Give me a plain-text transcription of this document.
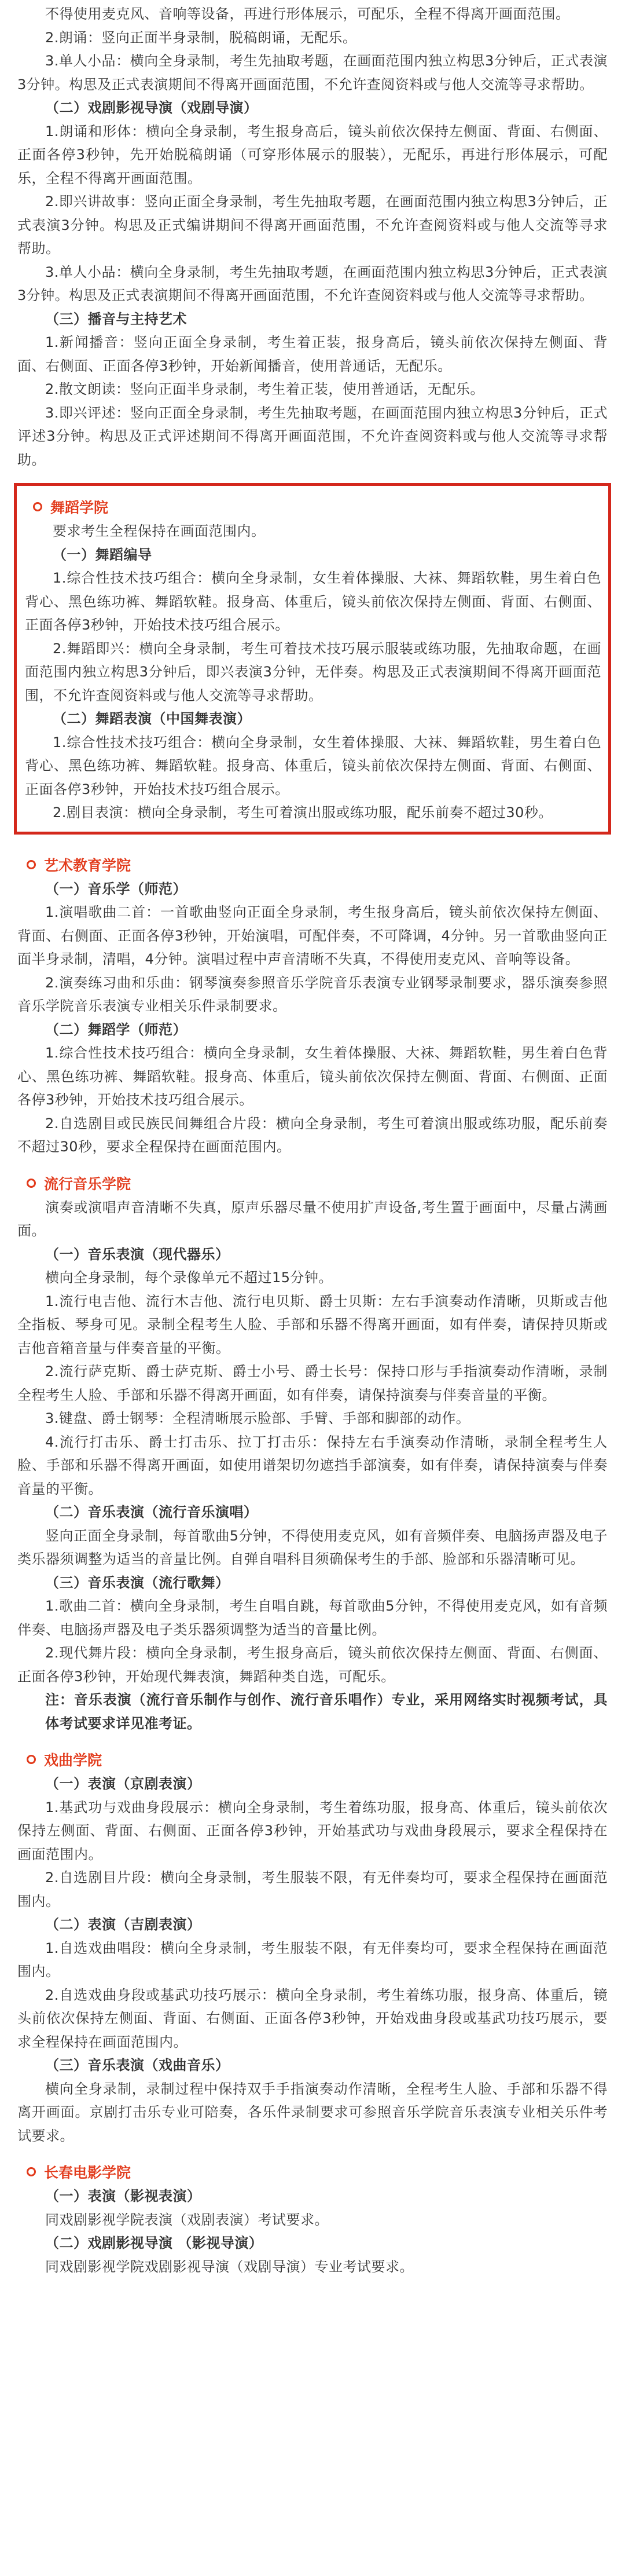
不得使用麦克风、音响等设备，再进行形体展示，可配乐，全程不得离开画面范围。

2.朗诵：竖向正面半身录制，脱稿朗诵，无配乐。

3.单人小品：横向全身录制，考生先抽取考题，在画面范围内独立构思3分钟后，正式表演3分钟。构思及正式表演期间不得离开画面范围，不允许查阅资料或与他人交流等寻求帮助。

（二）戏剧影视导演（戏剧导演）

1.朗诵和形体：横向全身录制，考生报身高后，镜头前依次保持左侧面、背面、右侧面、正面各停3秒钟，先开始脱稿朗诵（可穿形体展示的服装），无配乐，再进行形体展示，可配乐，全程不得离开画面范围。

2.即兴讲故事：竖向正面全身录制，考生先抽取考题，在画面范围内独立构思3分钟后，正式表演3分钟。构思及正式编讲期间不得离开画面范围，不允许查阅资料或与他人交流等寻求帮助。

3.单人小品：横向全身录制，考生先抽取考题，在画面范围内独立构思3分钟后，正式表演3分钟。构思及正式表演期间不得离开画面范围，不允许查阅资料或与他人交流等寻求帮助。

（三）播音与主持艺术

1.新闻播音：竖向正面全身录制，考生着正装，报身高后，镜头前依次保持左侧面、背面、右侧面、正面各停3秒钟，开始新闻播音，使用普通话，无配乐。

2.散文朗读：竖向正面半身录制，考生着正装，使用普通话，无配乐。

3.即兴评述：竖向正面全身录制，考生先抽取考题，在画面范围内独立构思3分钟后，正式评述3分钟。构思及正式评述期间不得离开画面范围，不允许查阅资料或与他人交流等寻求帮助。

舞蹈学院

要求考生全程保持在画面范围内。

（一）舞蹈编导

1.综合性技术技巧组合：横向全身录制，女生着体操服、大袜、舞蹈软鞋，男生着白色背心、黑色练功裤、舞蹈软鞋。报身高、体重后，镜头前依次保持左侧面、背面、右侧面、正面各停3秒钟，开始技术技巧组合展示。

2.舞蹈即兴：横向全身录制，考生可着技术技巧展示服装或练功服，先抽取命题，在画面范围内独立构思3分钟后，即兴表演3分钟，无伴奏。构思及正式表演期间不得离开画面范围，不允许查阅资料或与他人交流等寻求帮助。

（二）舞蹈表演（中国舞表演）

1.综合性技术技巧组合：横向全身录制，女生着体操服、大袜、舞蹈软鞋，男生着白色背心、黑色练功裤、舞蹈软鞋。报身高、体重后，镜头前依次保持左侧面、背面、右侧面、正面各停3秒钟，开始技术技巧组合展示。

2.剧目表演：横向全身录制，考生可着演出服或练功服，配乐前奏不超过30秒。

艺术教育学院

（一）音乐学（师范）

1.演唱歌曲二首：一首歌曲竖向正面全身录制，考生报身高后，镜头前依次保持左侧面、背面、右侧面、正面各停3秒钟，开始演唱，可配伴奏，不可降调，4分钟。另一首歌曲竖向正面半身录制，清唱，4分钟。演唱过程中声音清晰不失真，不得使用麦克风、音响等设备。

2.演奏练习曲和乐曲：钢琴演奏参照音乐学院音乐表演专业钢琴录制要求，器乐演奏参照音乐学院音乐表演专业相关乐件录制要求。

（二）舞蹈学（师范）

1.综合性技术技巧组合：横向全身录制，女生着体操服、大袜、舞蹈软鞋，男生着白色背心、黑色练功裤、舞蹈软鞋。报身高、体重后，镜头前依次保持左侧面、背面、右侧面、正面各停3秒钟，开始技术技巧组合展示。

2.自选剧目或民族民间舞组合片段：横向全身录制，考生可着演出服或练功服，配乐前奏不超过30秒，要求全程保持在画面范围内。

流行音乐学院

演奏或演唱声音清晰不失真，原声乐器尽量不使用扩声设备,考生置于画面中，尽量占满画面。

（一）音乐表演（现代器乐）

横向全身录制，每个录像单元不超过15分钟。

1.流行电吉他、流行木吉他、流行电贝斯、爵士贝斯：左右手演奏动作清晰，贝斯或吉他全指板、琴身可见。录制全程考生人脸、手部和乐器不得离开画面，如有伴奏，请保持贝斯或吉他音箱音量与伴奏音量的平衡。

2.流行萨克斯、爵士萨克斯、爵士小号、爵士长号：保持口形与手指演奏动作清晰，录制全程考生人脸、手部和乐器不得离开画面，如有伴奏，请保持演奏与伴奏音量的平衡。

3.键盘、爵士钢琴：全程清晰展示脸部、手臂、手部和脚部的动作。

4.流行打击乐、爵士打击乐、拉丁打击乐：保持左右手演奏动作清晰，录制全程考生人脸、手部和乐器不得离开画面，如使用谱架切勿遮挡手部演奏，如有伴奏，请保持演奏与伴奏音量的平衡。

（二）音乐表演（流行音乐演唱）

竖向正面全身录制，每首歌曲5分钟，不得使用麦克风，如有音频伴奏、电脑扬声器及电子类乐器须调整为适当的音量比例。自弹自唱科目须确保考生的手部、脸部和乐器清晰可见。

（三）音乐表演（流行歌舞）

1.歌曲二首：横向全身录制，考生自唱自跳，每首歌曲5分钟，不得使用麦克风，如有音频伴奏、电脑扬声器及电子类乐器须调整为适当的音量比例。

2.现代舞片段：横向全身录制，考生报身高后，镜头前依次保持左侧面、背面、右侧面、正面各停3秒钟，开始现代舞表演，舞蹈种类自选，可配乐。

注：音乐表演（流行音乐制作与创作、流行音乐唱作）专业，采用网络实时视频考试，具体考试要求详见准考证。

戏曲学院

（一）表演（京剧表演）

1.基武功与戏曲身段展示：横向全身录制，考生着练功服，报身高、体重后，镜头前依次保持左侧面、背面、右侧面、正面各停3秒钟，开始基武功与戏曲身段展示，要求全程保持在画面范围内。

2.自选剧目片段：横向全身录制，考生服装不限，有无伴奏均可，要求全程保持在画面范围内。

（二）表演（吉剧表演）

1.自选戏曲唱段：横向全身录制，考生服装不限，有无伴奏均可，要求全程保持在画面范围内。

2.自选戏曲身段或基武功技巧展示：横向全身录制，考生着练功服，报身高、体重后，镜头前依次保持左侧面、背面、右侧面、正面各停3秒钟，开始戏曲身段或基武功技巧展示，要求全程保持在画面范围内。

（三）音乐表演（戏曲音乐）

横向全身录制，录制过程中保持双手手指演奏动作清晰，全程考生人脸、手部和乐器不得离开画面。京剧打击乐专业可陪奏，各乐件录制要求可参照音乐学院音乐表演专业相关乐件考试要求。

长春电影学院

（一）表演（影视表演）

同戏剧影视学院表演（戏剧表演）考试要求。

（二）戏剧影视导演 （影视导演）

同戏剧影视学院戏剧影视导演（戏剧导演）专业考试要求。
